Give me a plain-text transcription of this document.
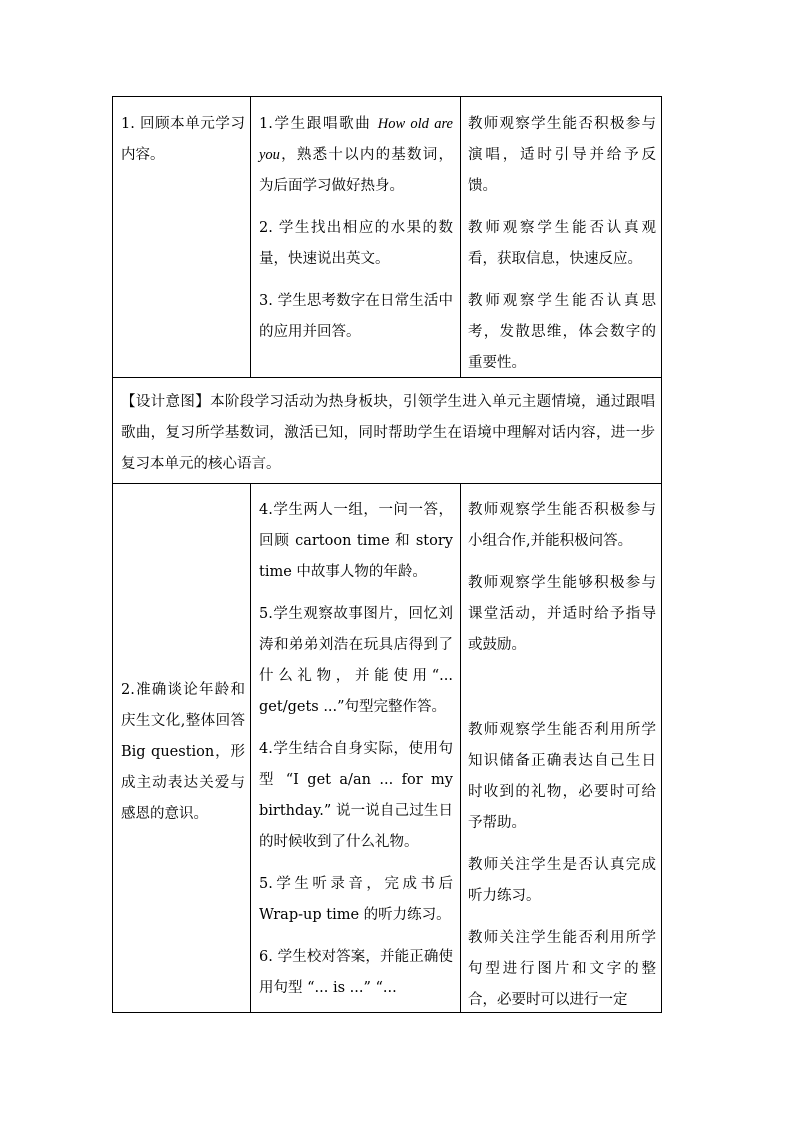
1. 回顾本单元学习内容。

1.学生跟唱歌曲 How old are you，熟悉十以内的基数词，为后面学习做好热身。

2. 学生找出相应的水果的数量，快速说出英文。

3. 学生思考数字在日常生活中的应用并回答。

教师观察学生能否积极参与演唱，适时引导并给予反馈。

教师观察学生能否认真观看，获取信息，快速反应。

教师观察学生能否认真思考，发散思维，体会数字的重要性。

【设计意图】本阶段学习活动为热身板块，引领学生进入单元主题情境，通过跟唱歌曲，复习所学基数词，激活已知，同时帮助学生在语境中理解对话内容，进一步复习本单元的核心语言。

2.准确谈论年龄和庆生文化,整体回答Big question，形成主动表达关爱与感恩的意识。

4.学生两人一组，一问一答，回顾 cartoon time 和 story time 中故事人物的年龄。

5.学生观察故事图片，回忆刘涛和弟弟刘浩在玩具店得到了什么礼物，并能使用“... get/gets ...”句型完整作答。

4.学生结合自身实际，使用句型 “I get a/an ... for my birthday.” 说一说自己过生日的时候收到了什么礼物。

5.学生听录音，完成书后Wrap-up time 的听力练习。

6. 学生校对答案，并能正确使用句型 “... is ...” “...

教师观察学生能否积极参与小组合作,并能积极问答。

教师观察学生能够积极参与课堂活动，并适时给予指导或鼓励。

教师观察学生能否利用所学知识储备正确表达自己生日时收到的礼物，必要时可给予帮助。

教师关注学生是否认真完成听力练习。

教师关注学生能否利用所学句型进行图片和文字的整合，必要时可以进行一定
